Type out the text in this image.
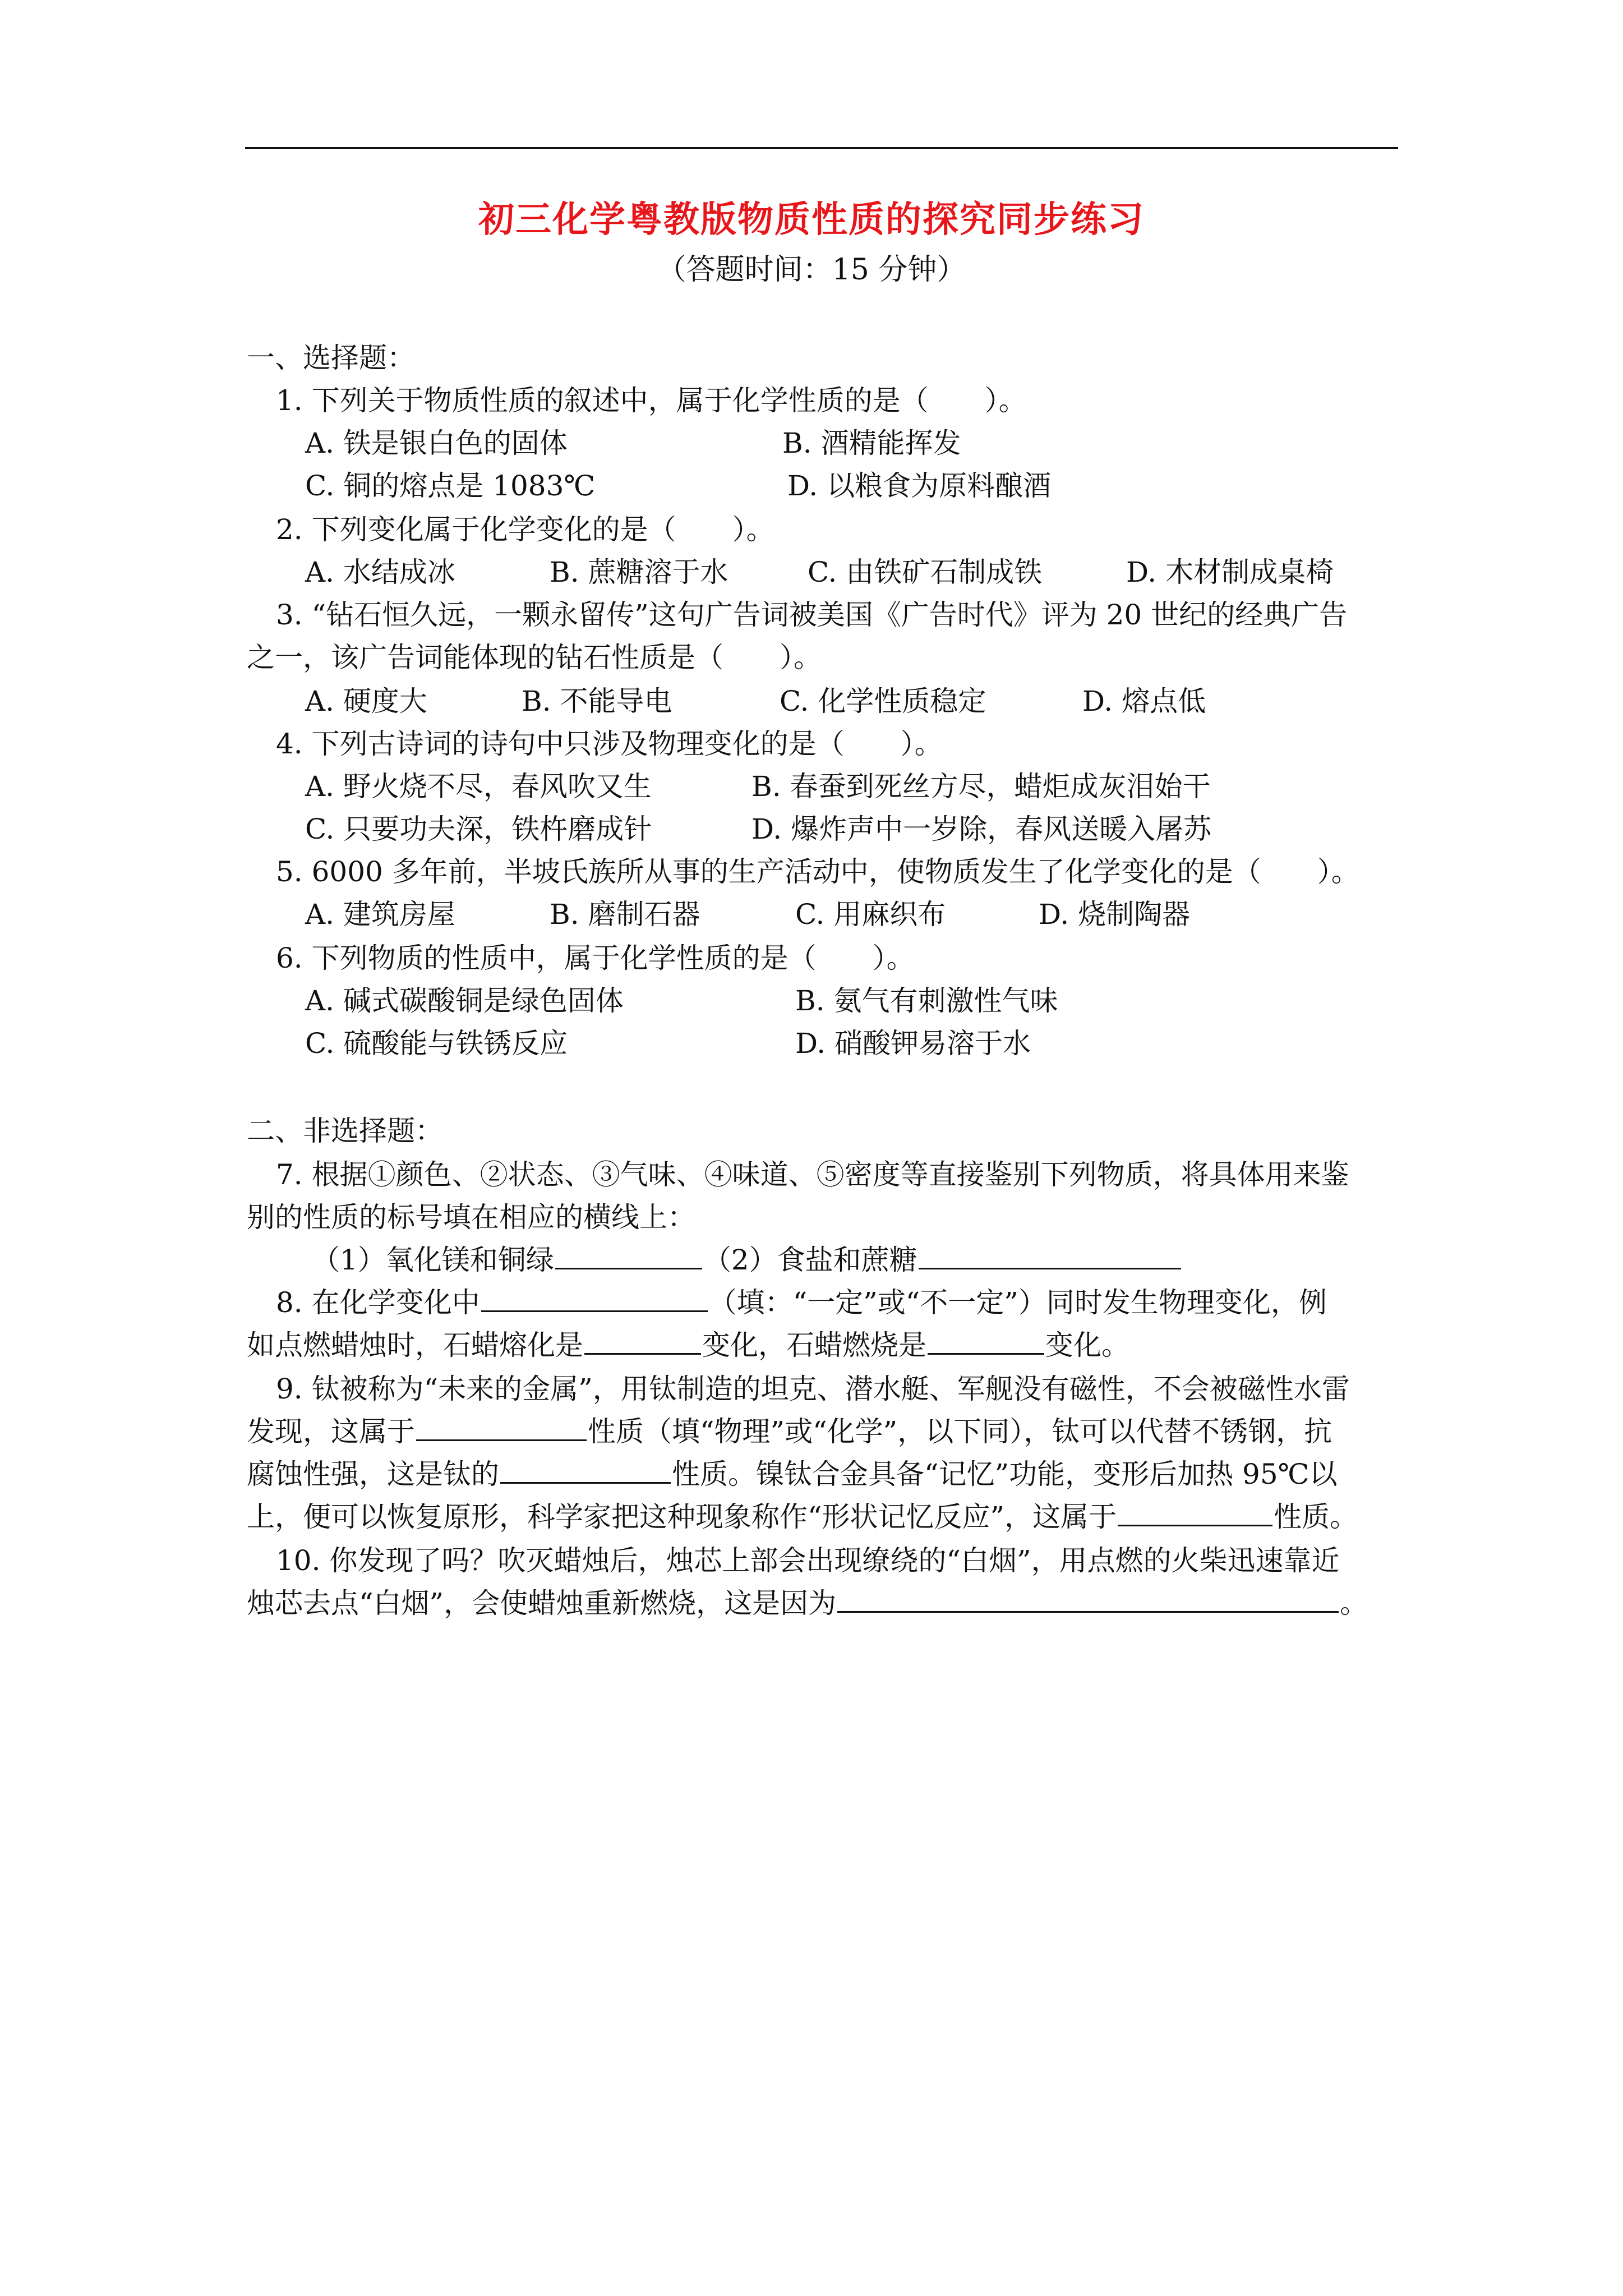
初三化学粤教版物质性质的探究同步练习
（答题时间：15 分钟）
一、选择题：
1. 下列关于物质性质的叙述中，属于化学性质的是（　　）。
A. 铁是银白色的固体	B. 酒精能挥发
C. 铜的熔点是 1083℃	D. 以粮食为原料酿酒
2. 下列变化属于化学变化的是（　　）。
A. 水结成冰	B. 蔗糖溶于水	C. 由铁矿石制成铁	D. 木材制成桌椅
3. “钻石恒久远，一颗永留传”这句广告词被美国《广告时代》评为 20 世纪的经典广告
之一，该广告词能体现的钻石性质是（　　）。
A. 硬度大	B. 不能导电	C. 化学性质稳定	D. 熔点低
4. 下列古诗词的诗句中只涉及物理变化的是（　　）。
A. 野火烧不尽，春风吹又生	B. 春蚕到死丝方尽，蜡炬成灰泪始干
C. 只要功夫深，铁杵磨成针	D. 爆炸声中一岁除，春风送暖入屠苏
5. 6000 多年前，半坡氏族所从事的生产活动中，使物质发生了化学变化的是（　　）。
A. 建筑房屋	B. 磨制石器	C. 用麻织布	D. 烧制陶器
6. 下列物质的性质中，属于化学性质的是（　　）。
A. 碱式碳酸铜是绿色固体	B. 氨气有刺激性气味
C. 硫酸能与铁锈反应	D. 硝酸钾易溶于水
二、非选择题：
7. 根据①颜色、②状态、③气味、④味道、⑤密度等直接鉴别下列物质，将具体用来鉴
别的性质的标号填在相应的横线上：
（1）氧化镁和铜绿	（2）食盐和蔗糖
8. 在化学变化中	（填：“一定”或“不一定”）同时发生物理变化，例
如点燃蜡烛时，石蜡熔化是	变化，石蜡燃烧是	变化。
9. 钛被称为“未来的金属”，用钛制造的坦克、潜水艇、军舰没有磁性，不会被磁性水雷
发现，这属于	性质（填“物理”或“化学”，以下同），钛可以代替不锈钢，抗
腐蚀性强，这是钛的	性质。镍钛合金具备“记忆”功能，变形后加热 95℃以
上，便可以恢复原形，科学家把这种现象称作“形状记忆反应”，这属于	性质。
10. 你发现了吗？吹灭蜡烛后，烛芯上部会出现缭绕的“白烟”，用点燃的火柴迅速靠近
烛芯去点“白烟”，会使蜡烛重新燃烧，这是因为	。
